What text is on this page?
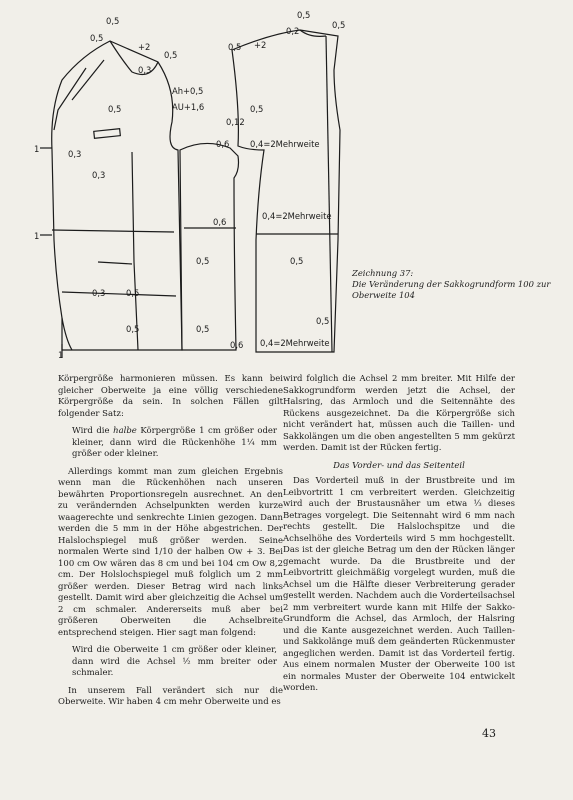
0,5
0,5
+2
0,5
0,3
Ah+0,5
AU+1,6
1	0,3
0,3
1
0,3 0,5
0,5
1
0,5 +2
0,2
0,5
0,5
0,12
0,6 0,4=2Mehrweite
0,6
0,4=2Mehrweite
0,5	0,5
0,5
0,5
0,6 0,4=2Mehrweite
0,5	0,5
Zeichnung 37:
Die Veränderung der Sakkogrundform 100 zur Oberweite 104

Körpergröße harmonieren müssen. Es kann bei gleicher Oberweite ja eine völlig verschiedene Körpergröße da sein. In solchen Fällen gilt folgender Satz:

Wird die halbe Körpergröße 1 cm größer oder kleiner, dann wird die Rückenhöhe 1¼ mm größer oder kleiner.

Allerdings kommt man zum gleichen Ergebnis wenn man die Rückenhöhen nach unseren bewährten Proportionsregeln ausrechnet. An den zu verändernden Achselpunkten werden kurze waagerechte und senkrechte Linien gezogen. Dann werden die 5 mm in der Höhe abgestrichen. Der Halslochspiegel muß größer werden. Seine normalen Werte sind 1/10 der halben Ow + 3. Bei 100 cm Ow wären das 8 cm und bei 104 cm Ow 8,2 cm. Der Holslochspiegel muß folglich um 2 mm größer werden. Dieser Betrag wird nach links gestellt. Damit wird aber gleichzeitig die Achsel um 2 cm schmaler. Andererseits muß aber bei größeren Oberweiten die Achselbreite entsprechend steigen. Hier sagt man folgend:

Wird die Oberweite 1 cm größer oder kleiner, dann wird die Achsel ½ mm breiter oder schmaler.

In unserem Fall verändert sich nur die Oberweite. Wir haben 4 cm mehr Oberweite und es

wird folglich die Achsel 2 mm breiter. Mit Hilfe der Sakkogrundform werden jetzt die Achsel, der Halsring, das Armloch und die Seitennähte des Rückens ausgezeichnet. Da die Körpergröße sich nicht verändert hat, müssen auch die Taillen- und Sakkolängen um die oben angestellten 5 mm gekürzt werden. Damit ist der Rücken fertig.

Das Vorder- und das Seitenteil

Das Vorderteil muß in der Brustbreite und im Leibvortritt 1 cm verbreitert werden. Gleichzeitig wird auch der Brustausnäher um etwa ⅓ dieses Betrages vorgelegt. Die Seitennaht wird 6 mm nach rechts gestellt. Die Halslochspitze und die Achselhöhe des Vorderteils wird 5 mm hochgestellt. Das ist der gleiche Betrag um den der Rücken länger gemacht wurde. Da die Brustbreite und der Leibvortritt gleichmäßig vorgelegt wurden, muß die Achsel um die Hälfte dieser Verbreiterung gerader gestellt werden. Nachdem auch die Vorderteilsachsel 2 mm verbreitert wurde kann mit Hilfe der Sakko-Grundform die Achsel, das Armloch, der Halsring und die Kante ausgezeichnet werden. Auch Taillen- und Sakkolänge muß dem geänderten Rückenmuster angeglichen werden. Damit ist das Vorderteil fertig. Aus einem normalen Muster der Oberweite 100 ist ein normales Muster der Oberweite 104 entwickelt worden.

43
